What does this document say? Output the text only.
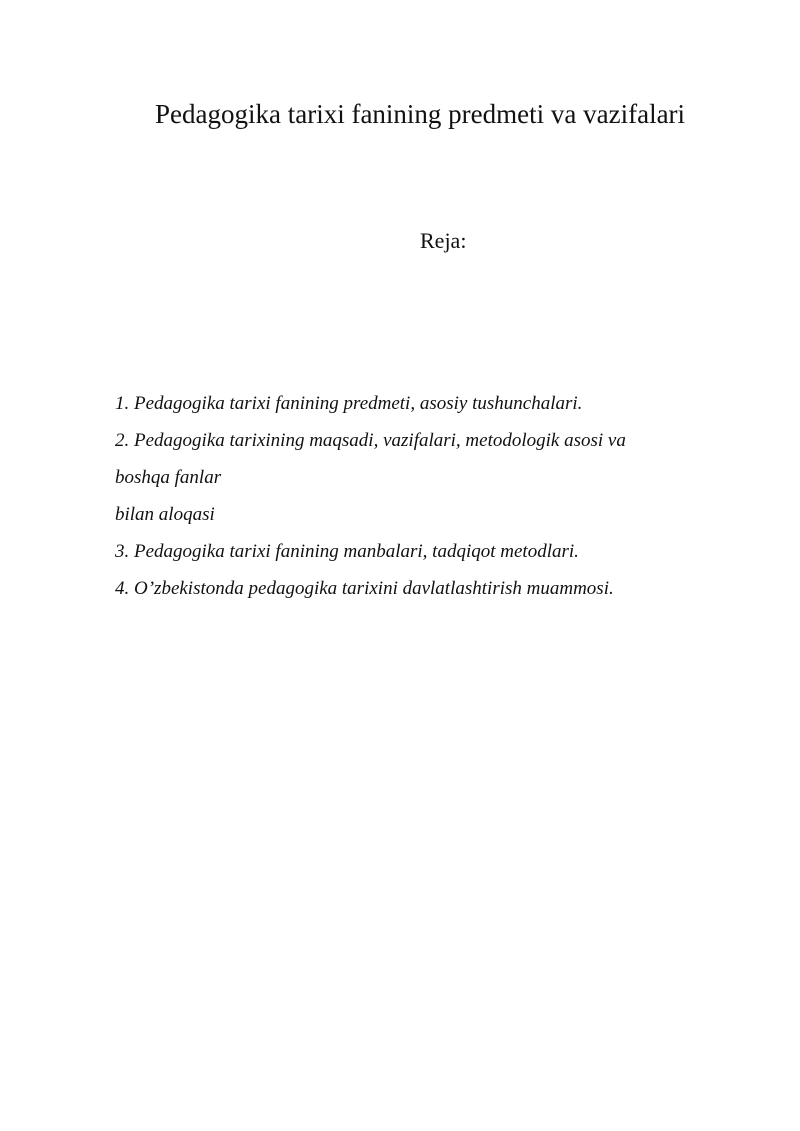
Pedagogika tarixi fanining predmeti va vazifalari
Reja:
1. Pedagogika tarixi fanining predmeti, asosiy tushunchalari.
2. Pedagogika tarixining maqsadi, vazifalari, metodologik asosi va
boshqa fanlar
bilan aloqasi
3. Pedagogika tarixi fanining manbalari, tadqiqot metodlari.
4. O’zbekistonda pedagogika tarixini davlatlashtirish muammosi.
